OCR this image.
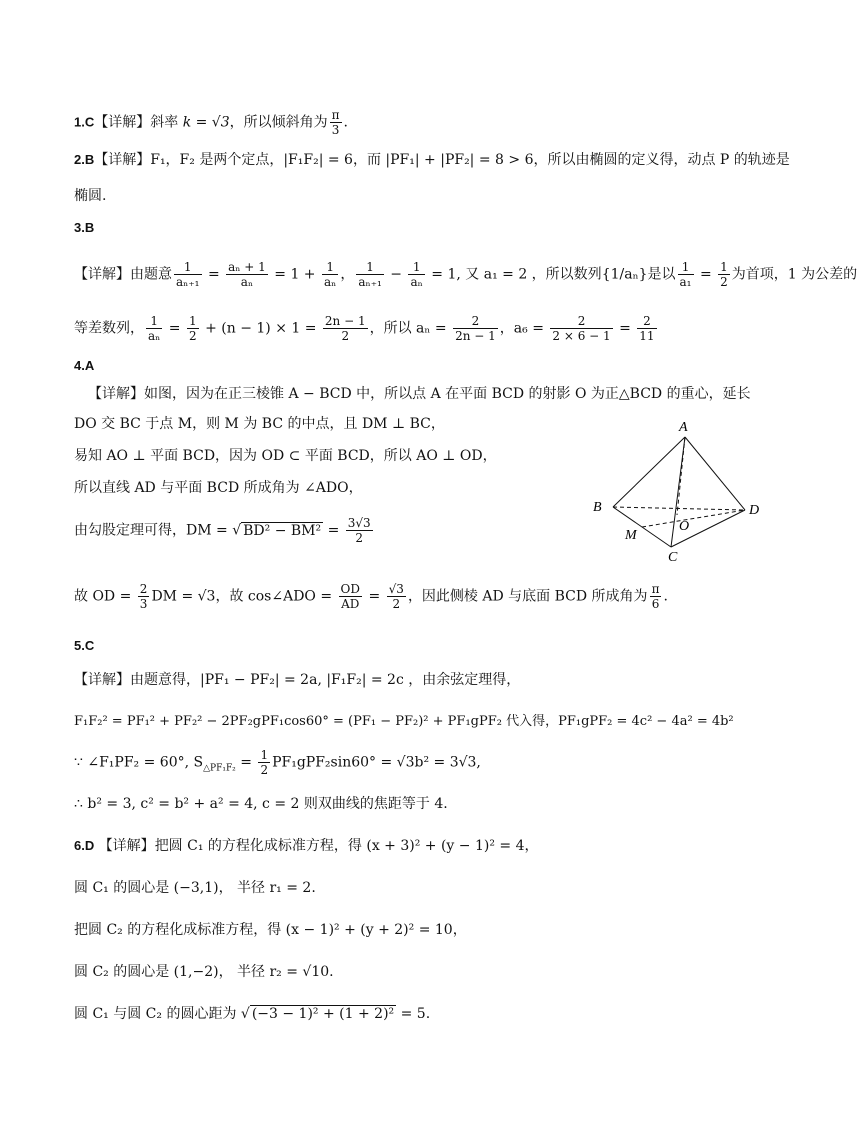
1.C【详解】斜率 k = √3，所以倾斜角为 $\frac{\pi}{3}$ .
2.B【详解】F₁，F₂ 是两个定点，|F₁F₂| = 6，而 |PF₁| + |PF₂| = 8 > 6，所以由椭圆的定义得，动点 P 的轨迹是
椭圆.
3.B
【详解】由题意 $\frac{1}{\text{aₙ₊₁}} = \frac{\text{aₙ + 1}}{\text{aₙ}} = 1 + \frac{1}{\text{aₙ}}$ ， $\frac{1}{\text{aₙ₊₁}} - \frac{1}{\text{aₙ}} = 1$, 又 a₁ = 2 ，所以数列{1/aₙ}是以 $\frac{1}{\text{a₁}} = \frac{1}{2}$ 为首项，1 为公差的
等差数列， $\frac{1}{\text{aₙ}} = \frac{1}{2} + (n - 1) \times 1 = \frac{2n - 1}{2}$ ，所以 $a_n = \frac{2}{2n - 1}$ ，$a_6 = \frac{2}{2 \times 6 - 1} = \frac{2}{11}$
4.A
【详解】如图，因为在正三棱锥 A − BCD 中，所以点 A 在平面 BCD 的射影 O 为正△BCD 的重心，延长
DO 交 BC 于点 M，则 M 为 BC 的中点，且 DM ⊥ BC，
易知 AO ⊥ 平面 BCD，因为 OD ⊂ 平面 BCD，所以 AO ⊥ OD，
所以直线 AD 与平面 BCD 所成角为 ∠ADO，
由勾股定理可得，DM = √ $BD^2 - BM^2 = \frac{3√3}{2}$
故 OD = $\frac{2}{3}$ DM = √3，故 cos∠ADO = $\frac{OD}{AD} = \frac{√3}{2}$ ，因此侧棱 AD 与底面 BCD 所成角为 $\frac{\pi}{6}$ .
A
B
C
D
M
O
5.C
【详解】由题意得，|PF₁ − PF₂| = 2a, |F₁F₂| = 2c ，由余弦定理得，
F₁F₂² = PF₁² + PF₂² − 2PF₂gPF₁cos60° = (PF₁ − PF₂)² + PF₁gPF₂ 代入得，PF₁gPF₂ = 4c² − 4a² = 4b²
∵ ∠F₁PF₂ = 60°, $S_{\triangle PF_1F_2} = \frac{1}{2} PF_1gPF_2\sin 60^\circ = √3b^2 = 3√3$,
∴ b² = 3, c² = b² + a² = 4, c = 2 则双曲线的焦距等于 4.
6.D 【详解】把圆 C₁ 的方程化成标准方程，得 (x + 3)² + (y − 1)² = 4，
圆 C₁ 的圆心是 (−3,1)， 半径 r₁ = 2.
把圆 C₂ 的方程化成标准方程，得 (x − 1)² + (y + 2)² = 10，
圆 C₂ 的圆心是 (1,−2)， 半径 r₂ = √10.
圆 C₁ 与圆 C₂ 的圆心距为 √ (−3 − 1)² + (1 + 2)² = 5.
